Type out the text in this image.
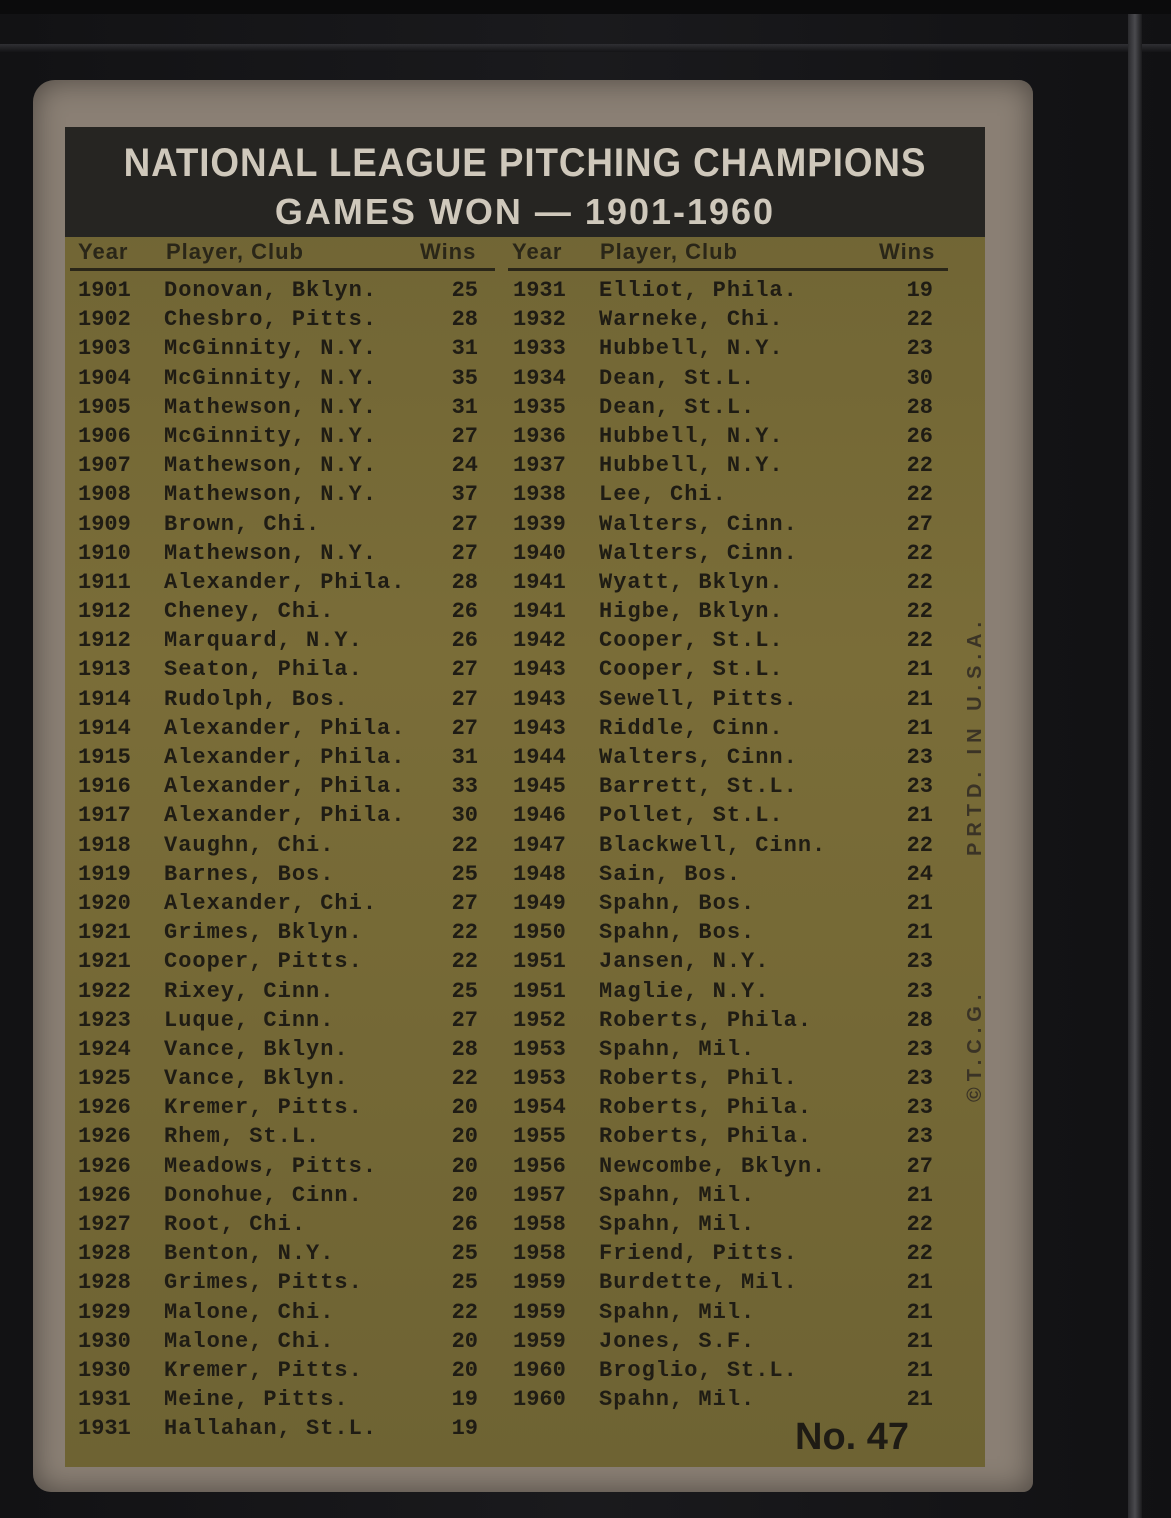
NATIONAL LEAGUE PITCHING CHAMPIONS
GAMES WON — 1901-1960
Year Player, Club	Wins Year Player, Club	Wins
1901 Donovan, Bklyn.	25
1902 Chesbro, Pitts.	28
1903 McGinnity, N.Y.	31
1904 McGinnity, N.Y.	35
1905 Mathewson, N.Y.	31
1906 McGinnity, N.Y.	27
1907 Mathewson, N.Y.	24
1908 Mathewson, N.Y.	37
1909 Brown, Chi.	27
1910 Mathewson, N.Y.	27
1911 Alexander, Phila. 28
1912 Cheney, Chi.	26
1912 Marquard, N.Y.	26
1913 Seaton, Phila.	27
1914 Rudolph, Bos.	27
1914 Alexander, Phila. 27
1915 Alexander, Phila. 31
1916 Alexander, Phila. 33
1917 Alexander, Phila. 30
1918 Vaughn, Chi.	22
1919 Barnes, Bos.	25
1920 Alexander, Chi.	27
1921 Grimes, Bklyn.	22
1921 Cooper, Pitts.	22
1922 Rixey, Cinn.	25
1923 Luque, Cinn.	27
1924 Vance, Bklyn.	28
1925 Vance, Bklyn.	22
1926 Kremer, Pitts.	20
1926 Rhem, St.L.	20
1926 Meadows, Pitts.	20
1926 Donohue, Cinn.	20
1927 Root, Chi.	26
1928 Benton, N.Y.	25
1928 Grimes, Pitts.	25
1929 Malone, Chi.	22
1930 Malone, Chi.	20
1930 Kremer, Pitts.	20
1931 Meine, Pitts.	19
1931 Hallahan, St.L.	19
1931 Elliot, Phila.	19
1932 Warneke, Chi.	22
1933 Hubbell, N.Y.	23
1934 Dean, St.L.	30
1935 Dean, St.L.	28
1936 Hubbell, N.Y.	26
1937 Hubbell, N.Y.	22
1938 Lee, Chi.	22
1939 Walters, Cinn.	27
1940 Walters, Cinn.	22
1941 Wyatt, Bklyn.	22
1941 Higbe, Bklyn.	22
1942 Cooper, St.L.	22
1943 Cooper, St.L.	21
1943 Sewell, Pitts.	21
1943 Riddle, Cinn.	21
1944 Walters, Cinn.	23
1945 Barrett, St.L.	23
1946 Pollet, St.L.	21
1947 Blackwell, Cinn.	22
1948 Sain, Bos.	24
1949 Spahn, Bos.	21
1950 Spahn, Bos.	21
1951 Jansen, N.Y.	23
1951 Maglie, N.Y.	23
1952 Roberts, Phila.	28
1953 Spahn, Mil.	23
1953 Roberts, Phil.	23
1954 Roberts, Phila.	23
1955 Roberts, Phila.	23
1956 Newcombe, Bklyn.	27
1957 Spahn, Mil.	21
1958 Spahn, Mil.	22
1958 Friend, Pitts.	22
1959 Burdette, Mil.	21
1959 Spahn, Mil.	21
1959 Jones, S.F.	21
1960 Broglio, St.L.	21
1960 Spahn, Mil.	21
PRTD. IN U.S.A.
©T.C.G.
No. 47
